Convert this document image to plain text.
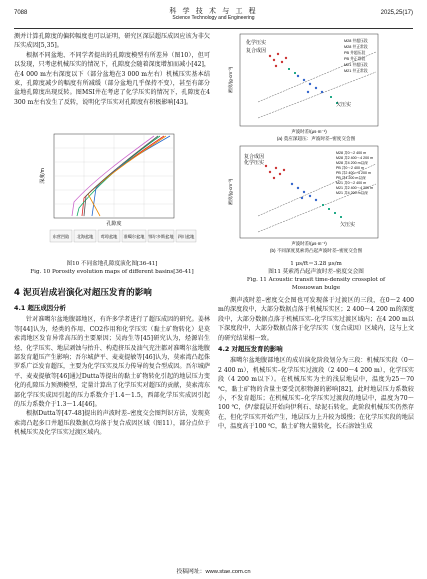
7088	科 学 技 术 与 工 程
Science Technology and Engineering
2025,25(17)

测并计算孔隙度的偏转幅度也可以证明，研究区深层超压成因应该为非欠压实成因[5,35]。

根据不同盆地、不同学者提出的孔隙度模型有所差异（图10），但可以发现，只考虑机械压实的情况下，孔隙度会随着深度增加而减小[42]，在4 000 m左右深度以下（部分盆地在3 000 m左右）机械压实基本结束，孔隙度减少的幅度有所减缓（部分盆地几乎保持不变），甚至有部分盆地孔隙度出现反转。图MSI井在考虑了化学压实的情况下，孔隙度在4 300 m左右发生了反转，说明化学压实对孔隙度有积极影响[43]。

孔隙度
深度/m
东营凹陷 北海盆地 莺琼盆地 准噶尔盆地 鄂尔多斯盆地 四川盆地
图10 不同盆地孔隙度演化图[36-41]
Fig. 10 Porosity evolution maps of different basins[36-41]
4 泥页岩成岩演化对超压发育的影响
4.1 超压成因分析

针对准噶尔盆地腹部地区，有许多学者进行了超压成因的研究。姜林等[44]认为，烃类的作用、CO2作用和化学压实（黏土矿物转化）是莫索湾地区发育异常高压的主要原因；吴海生等[45]研究认为，烃源岩生烃、化学压实、地层剥蚀与抬升、构造挤压及油气充注都对准噶尔盆地腹部发育超压产生影响；吾尔城萨平、麦麦提敏等[46]认为，莫索湾凸起侏罗系广泛发育超压，主要为化学压实及压力传导的复合型成因。吾尔城萨平、麦麦提敏等[46]通过Dutta等提出的黏土矿物转化引起的地层压力变化的孔隙压力预测模型，定量计算出了化学压实对超压的贡献，莫索湾东部化学压实成因引起的压力系数介于1.4～1.5，西部化学压实成因引起的压力系数介于1.3～1.4[46]。

根据Dutta等[47-48]提出的声波时差–密度交会图判识方法，发现莫索湾凸起多口井超压段数据点均落于复合成因区域（图11），部分点位于机械压实及化学压实过渡区域内。

复合成因
化学压实
欠压实
M28 井超压段
M28 井正常段
PB 井超压段
PB 井正常段
M21 井超压段
M21 井正常段
声波时差/(μs·m⁻¹)
密度/(g·cm⁻³)
(a) 莫应深超压：声波时差–密度交会图
复合成因
化学压实
欠压实
M28 井0～2 400 m
M28 井2 400～4 200 m
M28 井4 200 m以深
PB 井0～2 400 m
PB 井2 400～4 200 m
PB 井4 200 m以深
M21 井0～2 400 m
M21 井2 400～4 200 m
M21 井4 200 m以深
声波时差/(μs·m⁻¹)
密度/(g·cm⁻³)
(b) 不同深度莫索湾凸起声波时差–密度交会图
1 μs/ft＝3.28 μs/m
图11 莫索湾凸起声波时差–密度交会图
Fig. 11 Acoustic transit time-density crossplot of
Mosuowan bulge

测声波时差–密度交会图也可发现落于过渡区的三段，在0～2 400 m的深度段中，大部分数据点落于机械压实区；2 400～4 200 m的深度段中，大部分数据点落于机械压实–化学压实过渡区域内；在4 200 m以下深度段中，大部分数据点落于化学压实（复合成因）区域内，这与上文的研究结果相一致。

4.2 对超压发育的影响

准噶尔盆地腹部地区的成岩演化阶段划分为三段：机械压实段（0～2 400 m），机械压实–化学压实过渡段（2 400～4 200 m），化学压实段（4 200 m以下）。在机械压实为主的浅层地层中，温度为25～70 ℃，黏土矿物的含量主要受沉积物源的影响[82]，此时地层压力系数较小，不发育超压；在机械压实–化学压实过渡段的地层中，温度为70～100 ℃，伊/蒙混层开始向伊利石、绿泥石转化，此阶段机械压实仍然存在，但化学压实开始产生，地层压力上升较为缓慢；在化学压实段的地层中，温度高于100 ℃，黏土矿物大量转化，长石溶蚀生成

投稿网址：www.stae.com.cn
